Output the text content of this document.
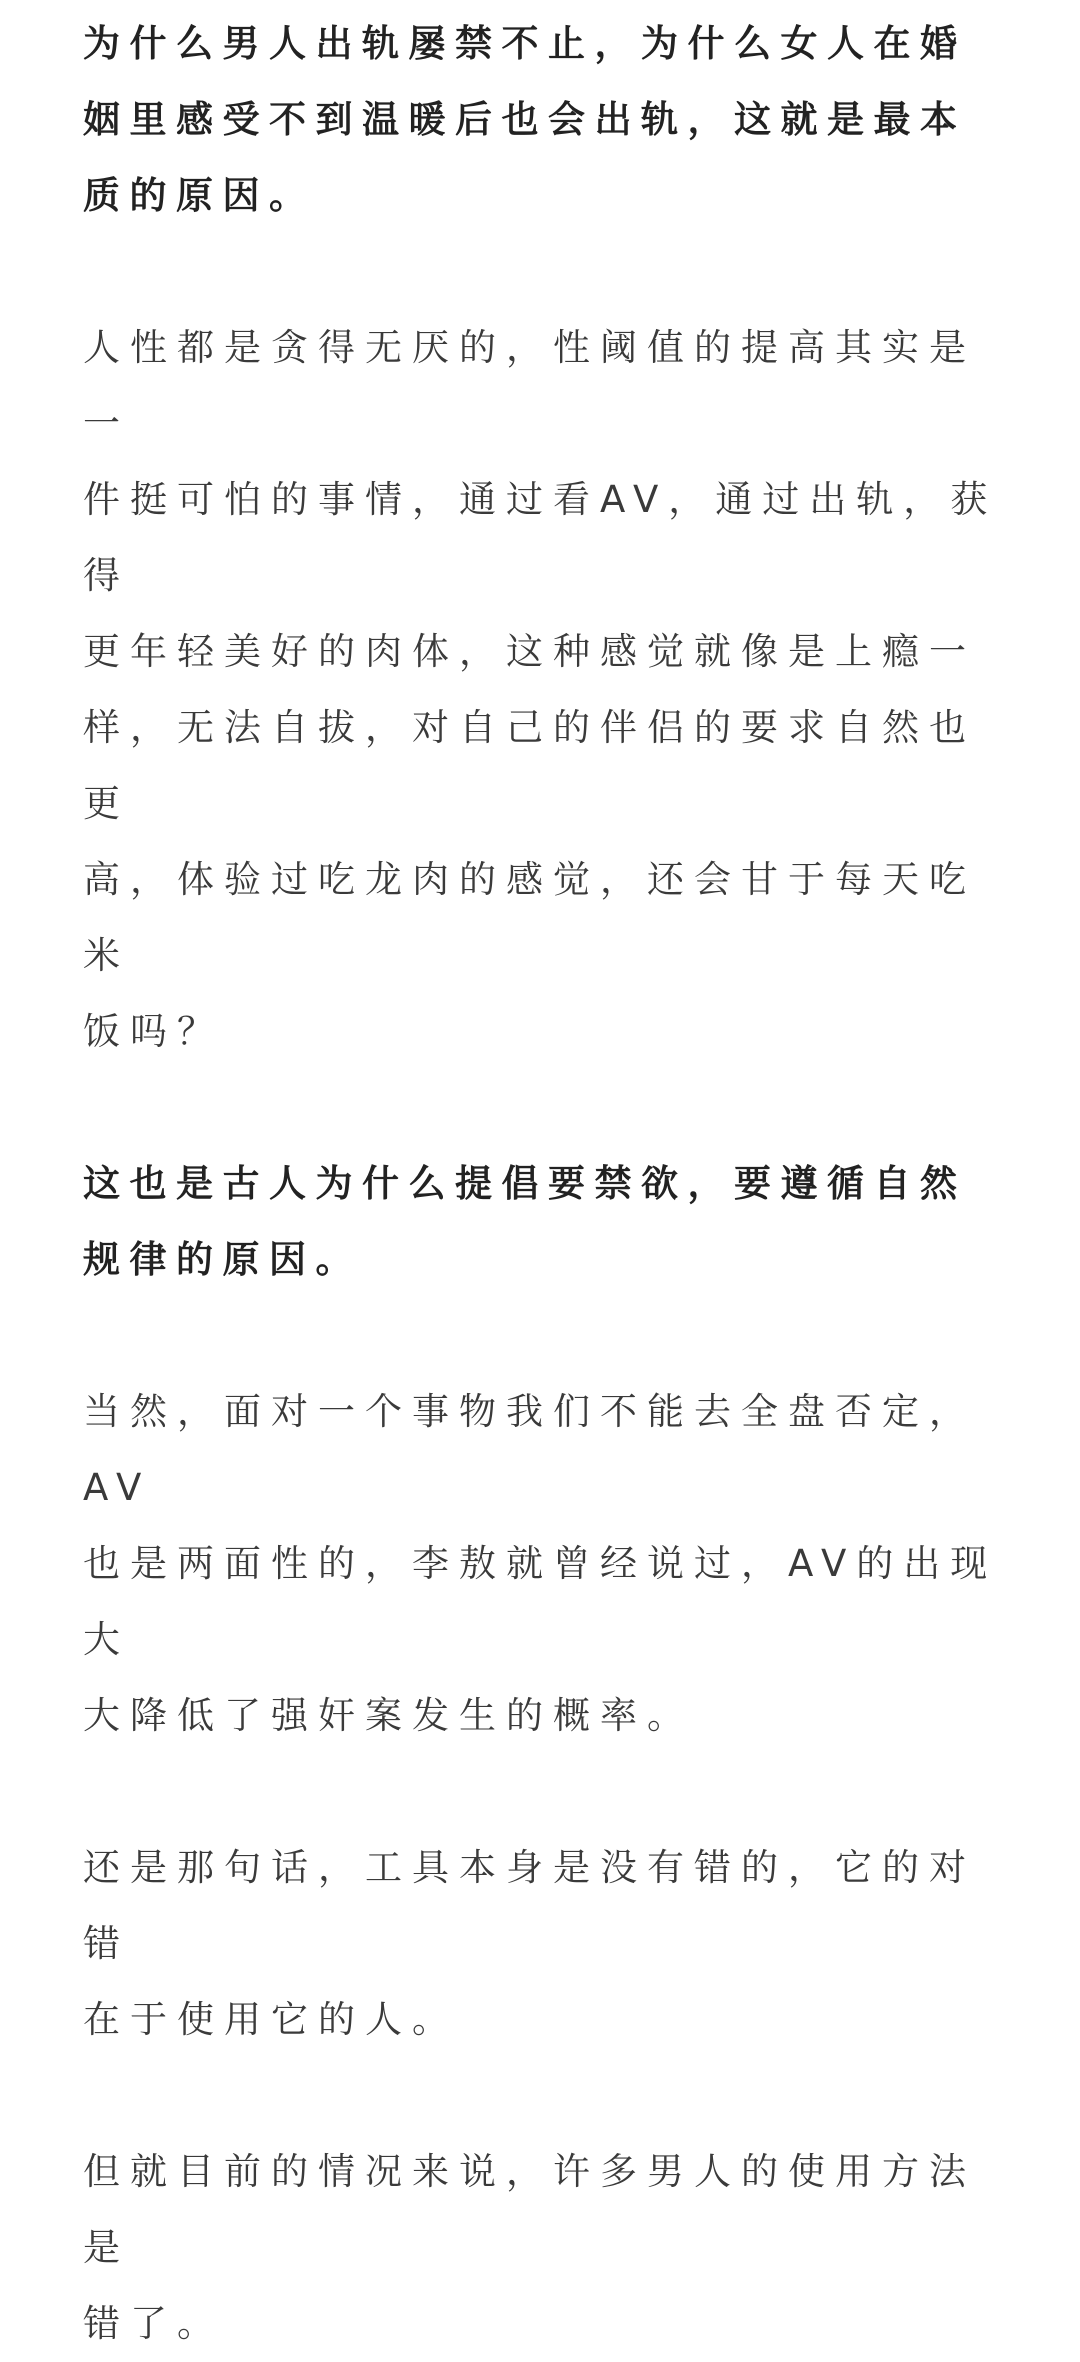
为什么男人出轨屡禁不止，为什么女人在婚
姻里感受不到温暖后也会出轨，这就是最本
质的原因。
人性都是贪得无厌的，性阈值的提高其实是一
件挺可怕的事情，通过看AV，通过出轨，获得
更年轻美好的肉体，这种感觉就像是上瘾一
样，无法自拔，对自己的伴侣的要求自然也更
高，体验过吃龙肉的感觉，还会甘于每天吃米
饭吗？
这也是古人为什么提倡要禁欲，要遵循自然
规律的原因。
当然，面对一个事物我们不能去全盘否定，AV
也是两面性的，李敖就曾经说过，AV的出现大
大降低了强奸案发生的概率。
还是那句话，工具本身是没有错的，它的对错
在于使用它的人。
但就目前的情况来说，许多男人的使用方法是
错了。
